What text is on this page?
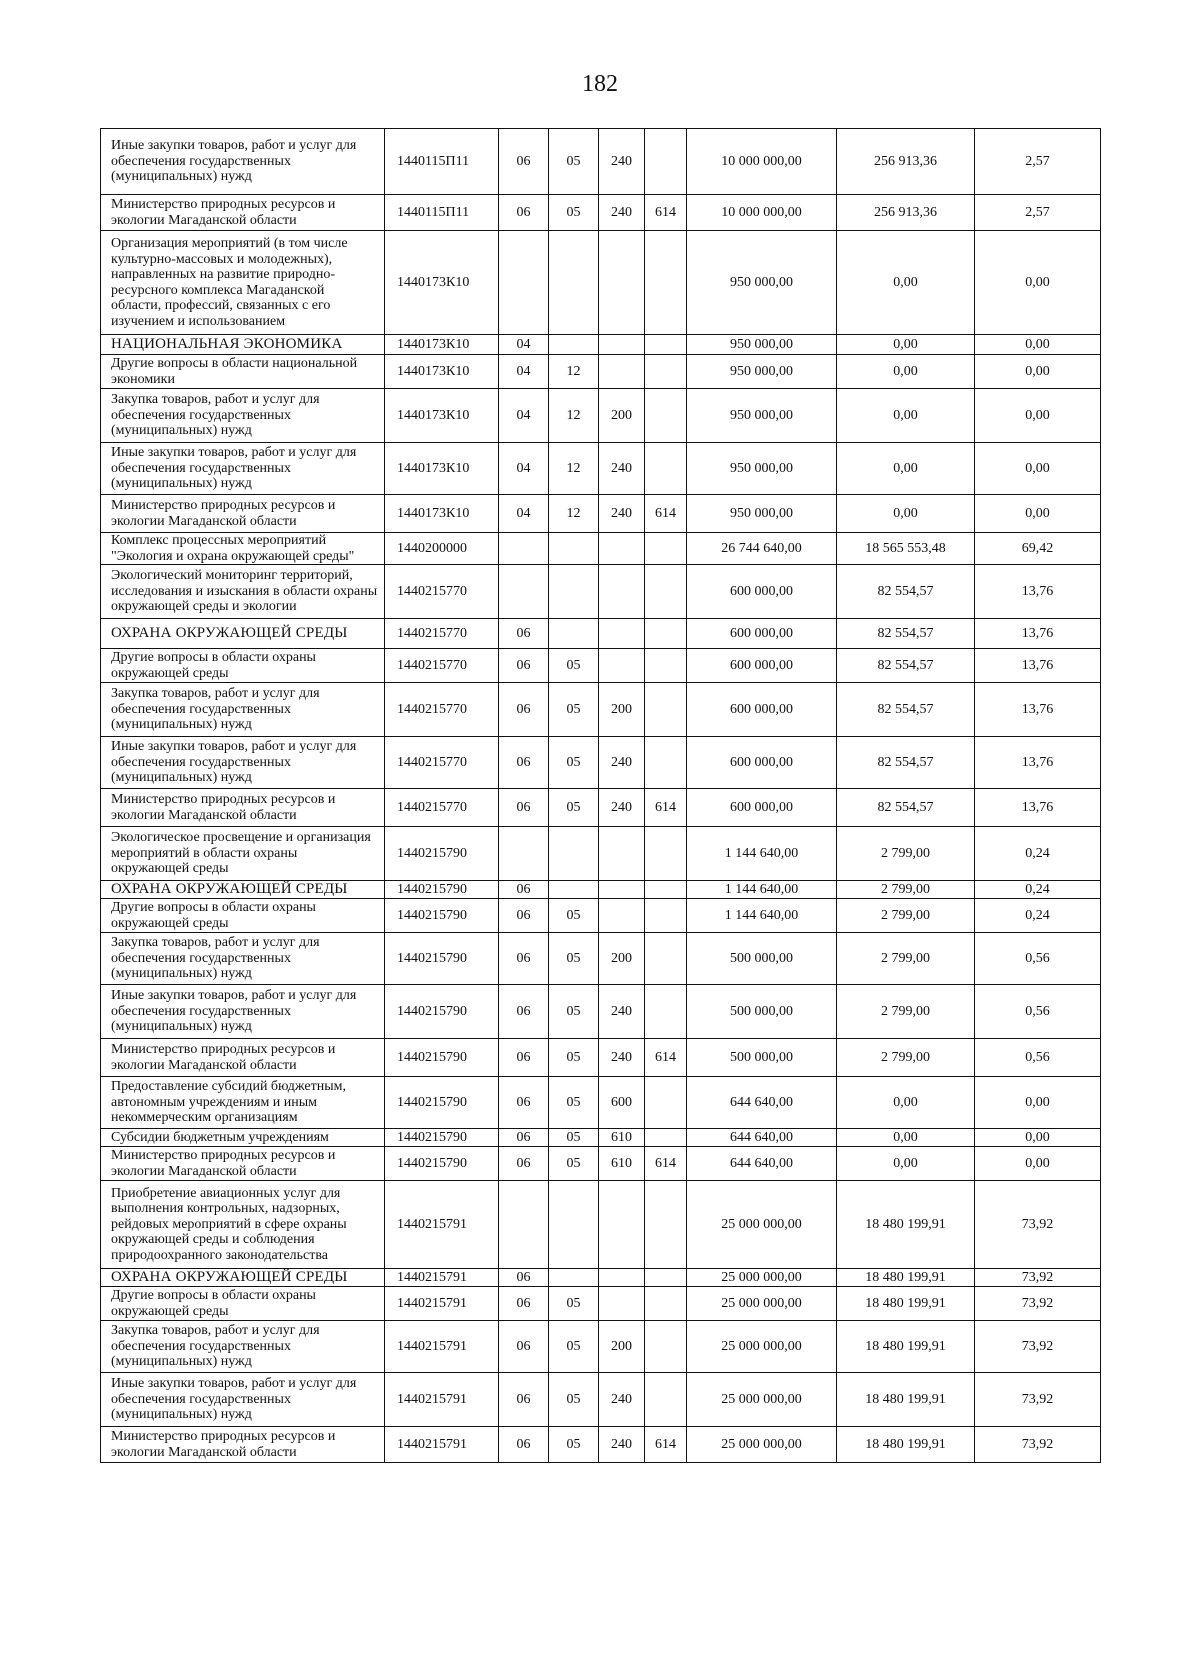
182
Иные закупки товаров, работ и услуг для обеспечения государственных (муниципальных) нужд	1440115П11	06	05	240		10 000 000,00	256 913,36	2,57
Министерство природных ресурсов и экологии Магаданской области	1440115П11	06	05	240	614	10 000 000,00	256 913,36	2,57
Организация мероприятий (в том числе культурно-массовых и молодежных), направленных на развитие природно-ресурсного комплекса Магаданской области, профессий, связанных с его изучением и использованием	1440173К10					950 000,00	0,00	0,00
НАЦИОНАЛЬНАЯ ЭКОНОМИКА	1440173К10	04				950 000,00	0,00	0,00
Другие вопросы в области национальной экономики	1440173К10	04	12			950 000,00	0,00	0,00
Закупка товаров, работ и услуг для обеспечения государственных (муниципальных) нужд	1440173К10	04	12	200		950 000,00	0,00	0,00
Иные закупки товаров, работ и услуг для обеспечения государственных (муниципальных) нужд	1440173К10	04	12	240		950 000,00	0,00	0,00
Министерство природных ресурсов и экологии Магаданской области	1440173К10	04	12	240	614	950 000,00	0,00	0,00
Комплекс процессных мероприятий "Экология и охрана окружающей среды"	1440200000					26 744 640,00	18 565 553,48	69,42
Экологический мониторинг территорий, исследования и изыскания в области охраны окружающей среды и экологии	1440215770					600 000,00	82 554,57	13,76
ОХРАНА ОКРУЖАЮЩЕЙ СРЕДЫ	1440215770	06				600 000,00	82 554,57	13,76
Другие вопросы в области охраны окружающей среды	1440215770	06	05			600 000,00	82 554,57	13,76
Закупка товаров, работ и услуг для обеспечения государственных (муниципальных) нужд	1440215770	06	05	200		600 000,00	82 554,57	13,76
Иные закупки товаров, работ и услуг для обеспечения государственных (муниципальных) нужд	1440215770	06	05	240		600 000,00	82 554,57	13,76
Министерство природных ресурсов и экологии Магаданской области	1440215770	06	05	240	614	600 000,00	82 554,57	13,76
Экологическое просвещение и организация мероприятий в области охраны окружающей среды	1440215790					1 144 640,00	2 799,00	0,24
ОХРАНА ОКРУЖАЮЩЕЙ СРЕДЫ	1440215790	06				1 144 640,00	2 799,00	0,24
Другие вопросы в области охраны окружающей среды	1440215790	06	05			1 144 640,00	2 799,00	0,24
Закупка товаров, работ и услуг для обеспечения государственных (муниципальных) нужд	1440215790	06	05	200		500 000,00	2 799,00	0,56
Иные закупки товаров, работ и услуг для обеспечения государственных (муниципальных) нужд	1440215790	06	05	240		500 000,00	2 799,00	0,56
Министерство природных ресурсов и экологии Магаданской области	1440215790	06	05	240	614	500 000,00	2 799,00	0,56
Предоставление субсидий бюджетным, автономным учреждениям и иным некоммерческим организациям	1440215790	06	05	600		644 640,00	0,00	0,00
Субсидии бюджетным учреждениям	1440215790	06	05	610		644 640,00	0,00	0,00
Министерство природных ресурсов и экологии Магаданской области	1440215790	06	05	610	614	644 640,00	0,00	0,00
Приобретение авиационных услуг для выполнения контрольных, надзорных, рейдовых мероприятий в сфере охраны окружающей среды и соблюдения природоохранного законодательства	1440215791					25 000 000,00	18 480 199,91	73,92
ОХРАНА ОКРУЖАЮЩЕЙ СРЕДЫ	1440215791	06				25 000 000,00	18 480 199,91	73,92
Другие вопросы в области охраны окружающей среды	1440215791	06	05			25 000 000,00	18 480 199,91	73,92
Закупка товаров, работ и услуг для обеспечения государственных (муниципальных) нужд	1440215791	06	05	200		25 000 000,00	18 480 199,91	73,92
Иные закупки товаров, работ и услуг для обеспечения государственных (муниципальных) нужд	1440215791	06	05	240		25 000 000,00	18 480 199,91	73,92
Министерство природных ресурсов и экологии Магаданской области	1440215791	06	05	240	614	25 000 000,00	18 480 199,91	73,92
